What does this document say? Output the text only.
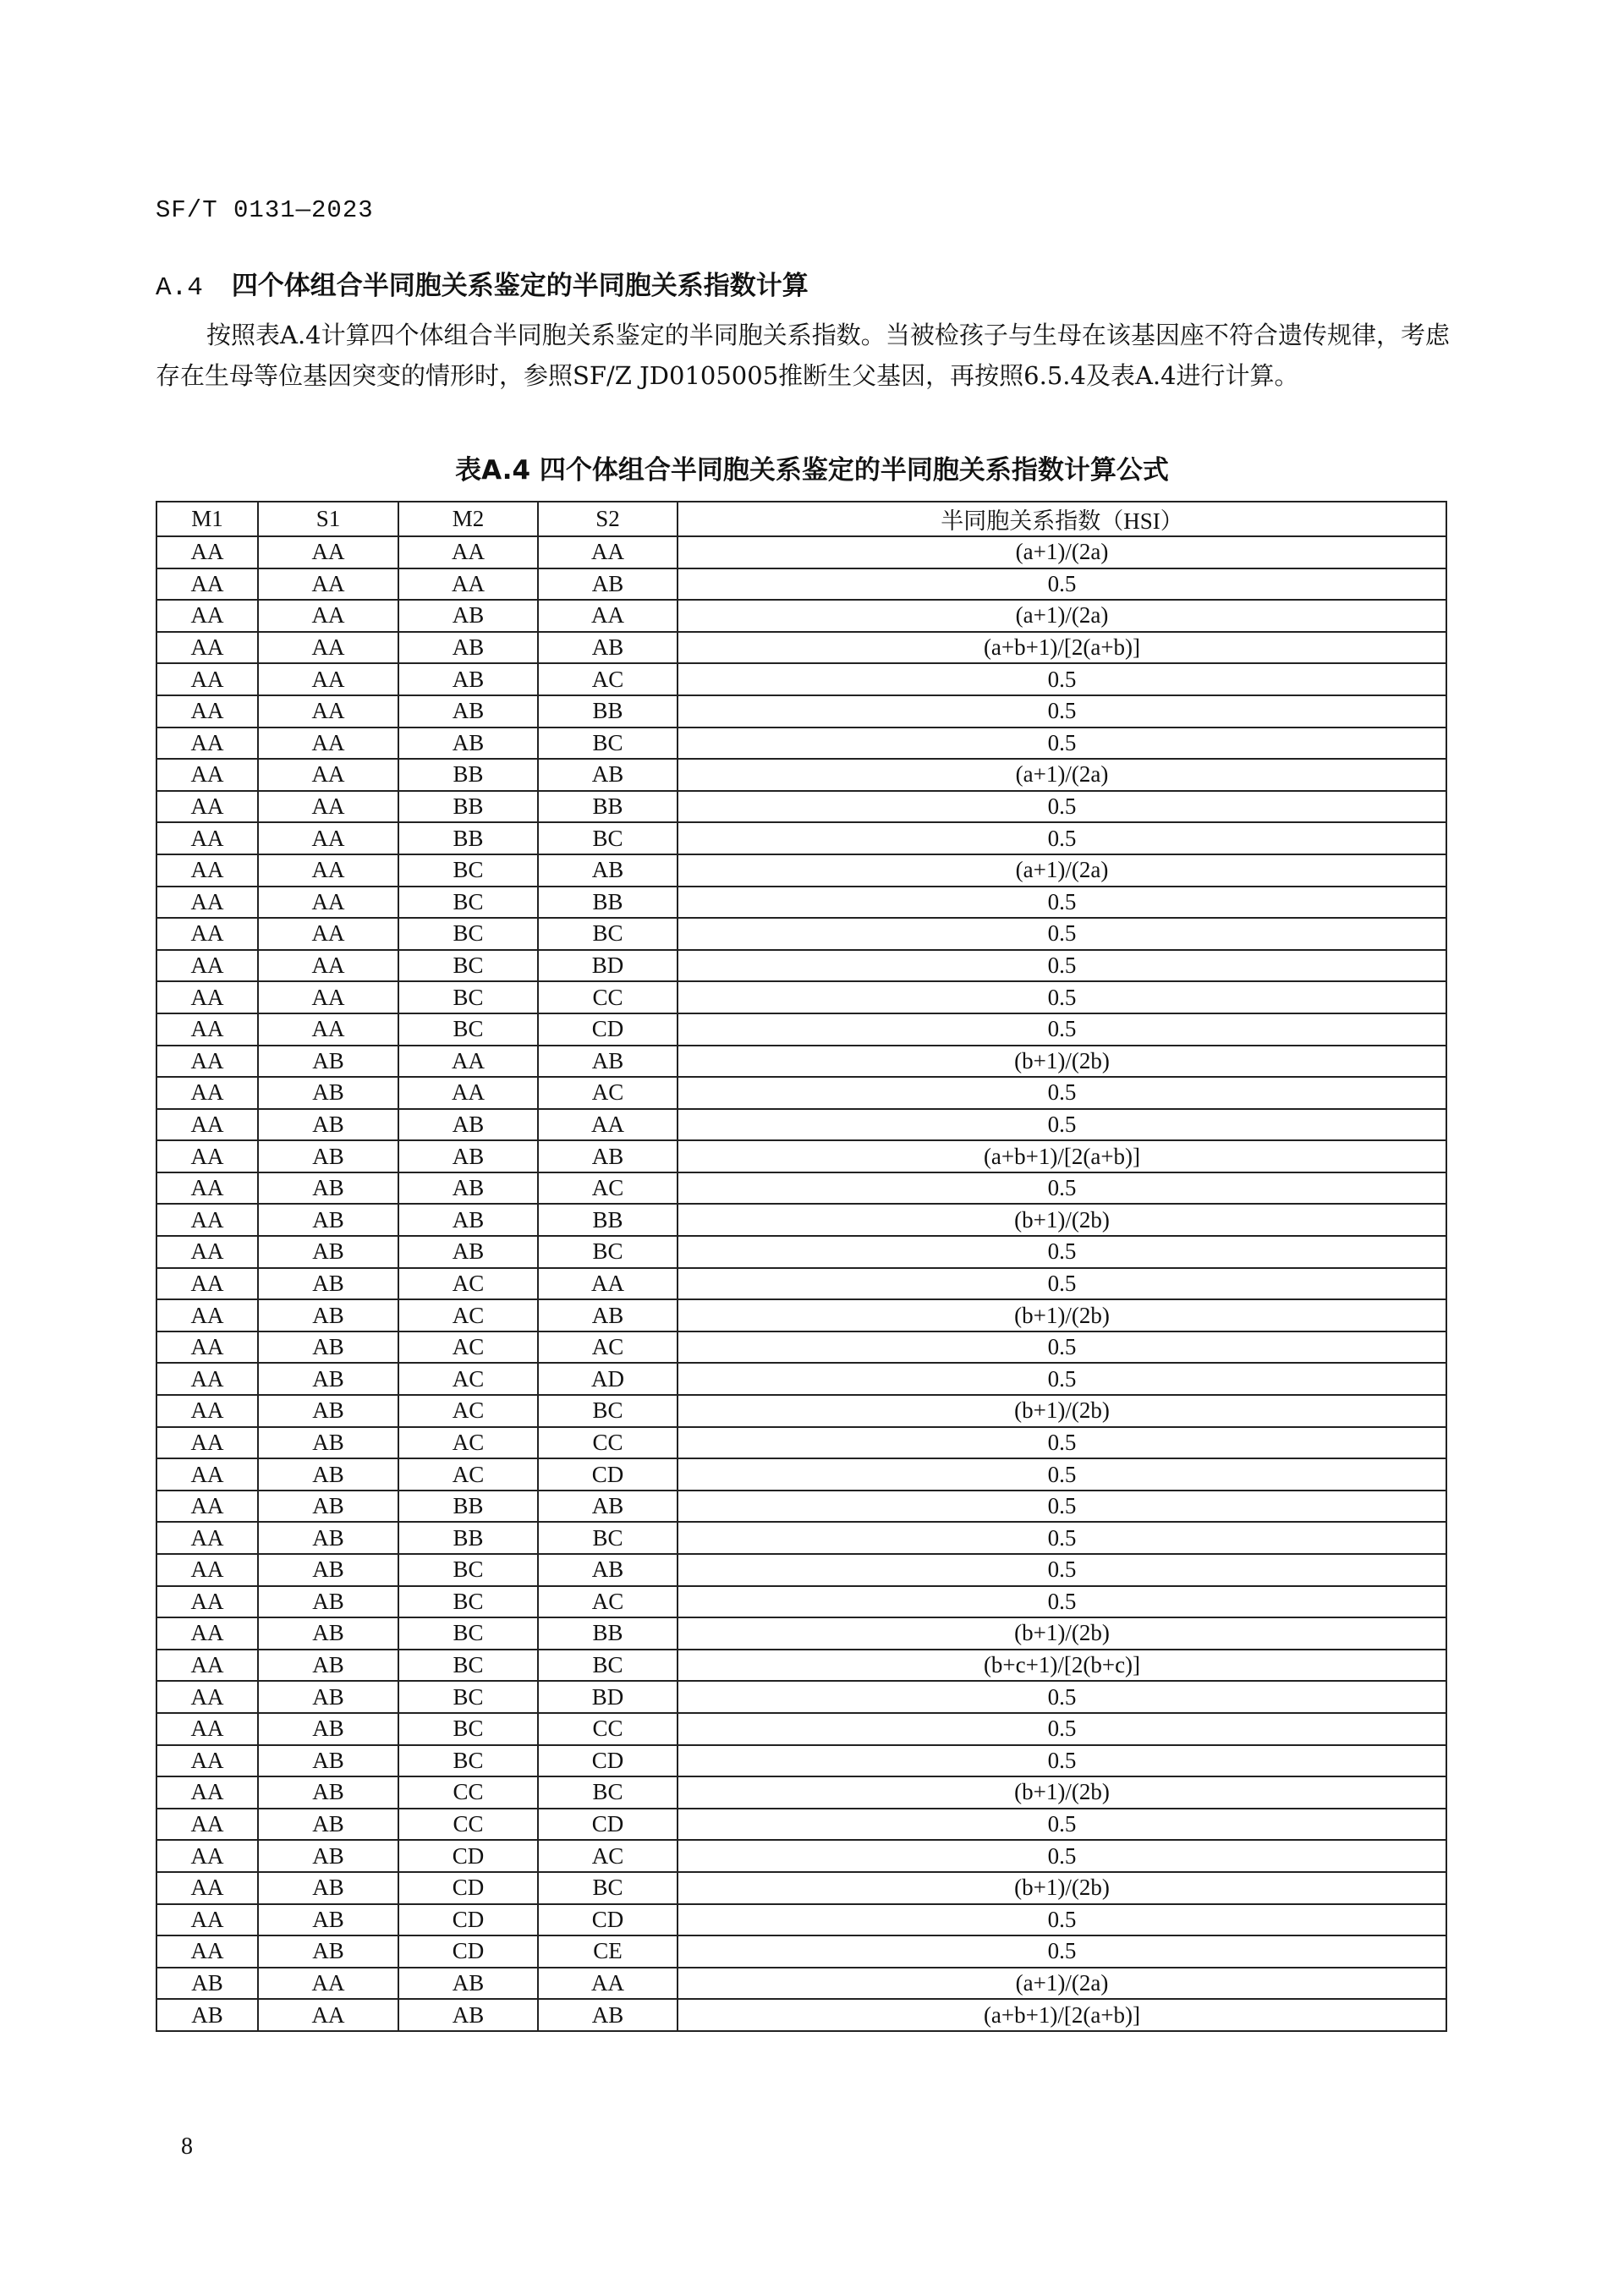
SF/T 0131—2023
A.4 四个体组合半同胞关系鉴定的半同胞关系指数计算
按照表A.4计算四个体组合半同胞关系鉴定的半同胞关系指数。当被检孩子与生母在该基因座不符合遗传规律，考虑存在生母等位基因突变的情形时，参照SF/Z JD0105005推断生父基因，再按照6.5.4及表A.4进行计算。
表A.4 四个体组合半同胞关系鉴定的半同胞关系指数计算公式
M1	S1	M2	S2	半同胞关系指数（HSI）
AA	AA	AA	AA	(a+1)/(2a)
AA	AA	AA	AB	0.5
AA	AA	AB	AA	(a+1)/(2a)
AA	AA	AB	AB	(a+b+1)/[2(a+b)]
AA	AA	AB	AC	0.5
AA	AA	AB	BB	0.5
AA	AA	AB	BC	0.5
AA	AA	BB	AB	(a+1)/(2a)
AA	AA	BB	BB	0.5
AA	AA	BB	BC	0.5
AA	AA	BC	AB	(a+1)/(2a)
AA	AA	BC	BB	0.5
AA	AA	BC	BC	0.5
AA	AA	BC	BD	0.5
AA	AA	BC	CC	0.5
AA	AA	BC	CD	0.5
AA	AB	AA	AB	(b+1)/(2b)
AA	AB	AA	AC	0.5
AA	AB	AB	AA	0.5
AA	AB	AB	AB	(a+b+1)/[2(a+b)]
AA	AB	AB	AC	0.5
AA	AB	AB	BB	(b+1)/(2b)
AA	AB	AB	BC	0.5
AA	AB	AC	AA	0.5
AA	AB	AC	AB	(b+1)/(2b)
AA	AB	AC	AC	0.5
AA	AB	AC	AD	0.5
AA	AB	AC	BC	(b+1)/(2b)
AA	AB	AC	CC	0.5
AA	AB	AC	CD	0.5
AA	AB	BB	AB	0.5
AA	AB	BB	BC	0.5
AA	AB	BC	AB	0.5
AA	AB	BC	AC	0.5
AA	AB	BC	BB	(b+1)/(2b)
AA	AB	BC	BC	(b+c+1)/[2(b+c)]
AA	AB	BC	BD	0.5
AA	AB	BC	CC	0.5
AA	AB	BC	CD	0.5
AA	AB	CC	BC	(b+1)/(2b)
AA	AB	CC	CD	0.5
AA	AB	CD	AC	0.5
AA	AB	CD	BC	(b+1)/(2b)
AA	AB	CD	CD	0.5
AA	AB	CD	CE	0.5
AB	AA	AB	AA	(a+1)/(2a)
AB	AA	AB	AB	(a+b+1)/[2(a+b)]
8
